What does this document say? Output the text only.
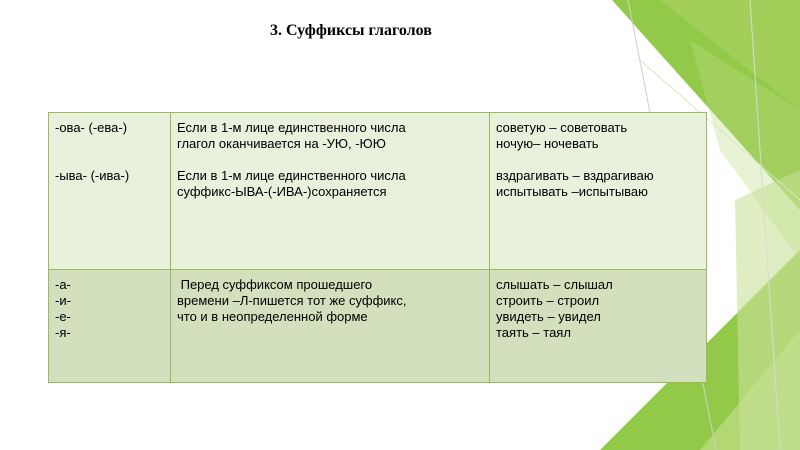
3. Суффиксы глаголов
-ова- (-ева-)
-ыва- (-ива-)
Если в 1-м лице единственного числа
глагол оканчивается на -УЮ, -ЮЮ
Если в 1-м лице единственного числа
суффикс-ЫВА-(-ИВА-)сохраняется
советую – советовать
ночую– ночевать
вздрагивать – вздрагиваю
испытывать –испытываю
-а-
-и-
-е-
-я-
Перед суффиксом прошедшего
времени –Л-пишется тот же суффикс,
что и в неопределенной форме
слышать – слышал
строить – строил
увидеть – увидел
таять – таял
